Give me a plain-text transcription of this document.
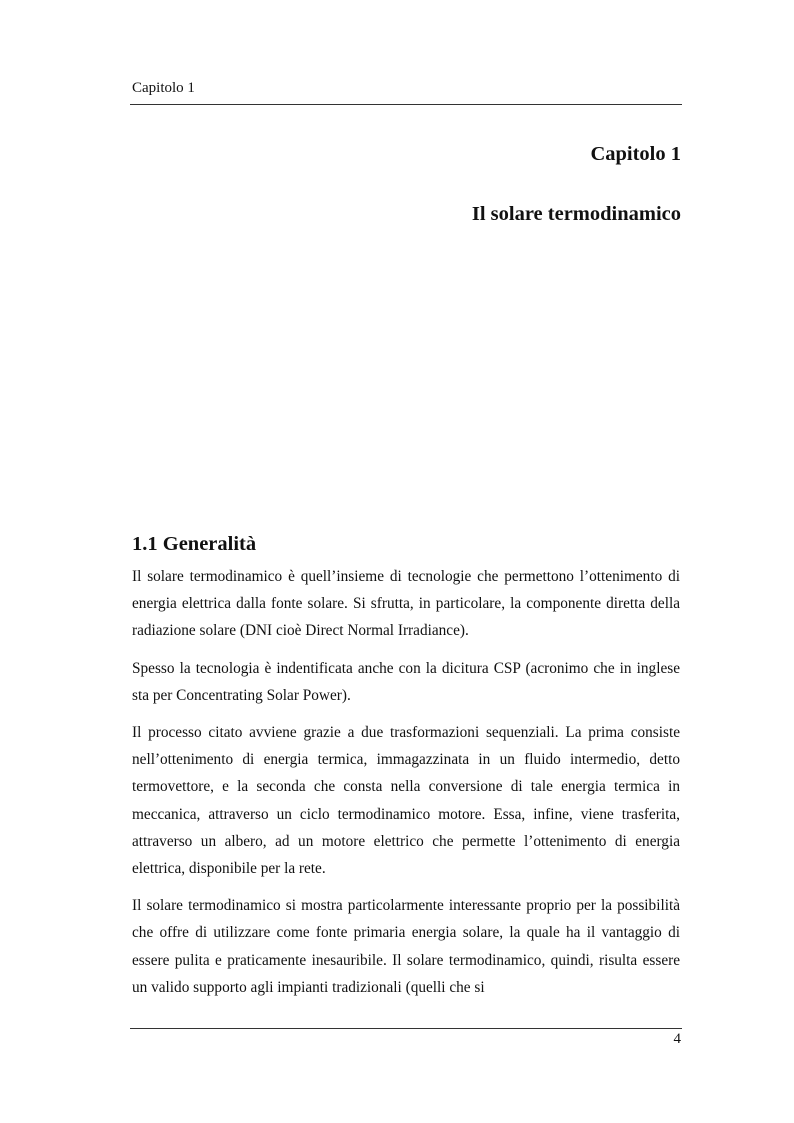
Capitolo 1
Capitolo 1
Il solare termodinamico
1.1 Generalità

Il solare termodinamico è quell’insieme di tecnologie che permettono l’ottenimento di energia elettrica dalla fonte solare. Si sfrutta, in particolare, la componente diretta della radiazione solare (DNI cioè Direct Normal Irradiance).

Spesso la tecnologia è indentificata anche con la dicitura CSP (acronimo che in inglese sta per Concentrating Solar Power).

Il processo citato avviene grazie a due trasformazioni sequenziali. La prima consiste nell’ottenimento di energia termica, immagazzinata in un fluido intermedio, detto termovettore, e la seconda che consta nella conversione di tale energia termica in meccanica, attraverso un ciclo termodinamico motore. Essa, infine, viene trasferita, attraverso un albero, ad un motore elettrico che permette l’ottenimento di energia elettrica, disponibile per la rete.

Il solare termodinamico si mostra particolarmente interessante proprio per la possibilità che offre di utilizzare come fonte primaria energia solare, la quale ha il vantaggio di essere pulita e praticamente inesauribile. Il solare termodinamico, quindi, risulta essere un valido supporto agli impianti tradizionali (quelli che si

4
